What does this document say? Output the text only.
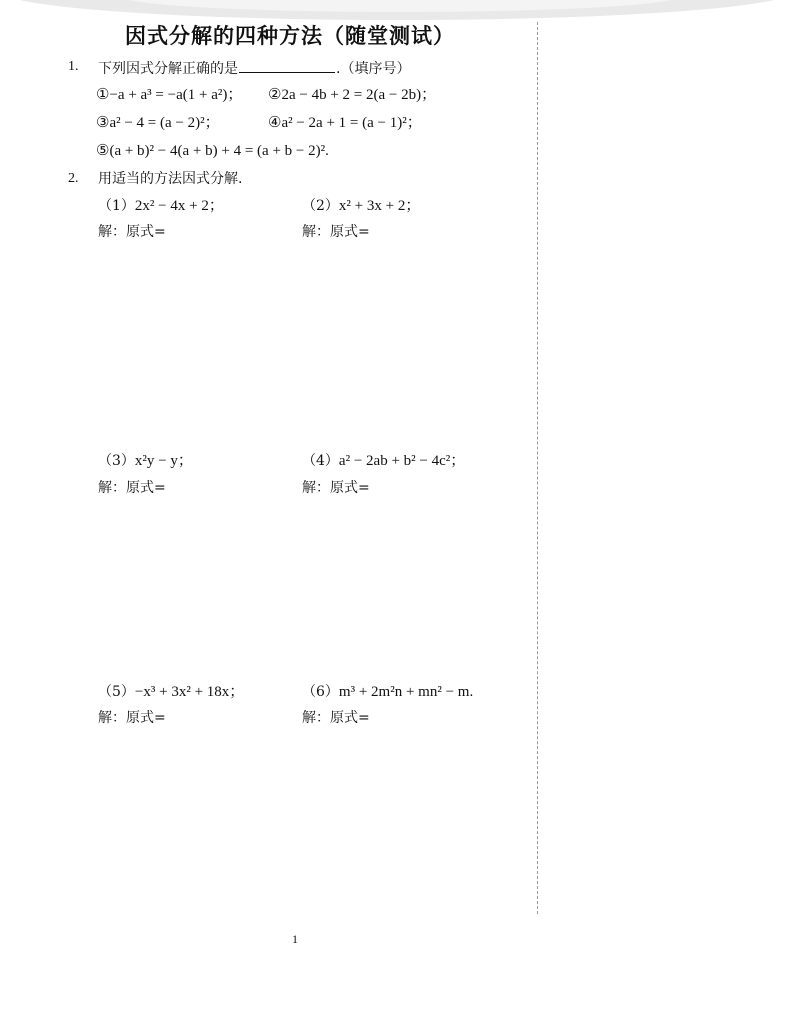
因式分解的四种方法（随堂测试）
1. 下列因式分解正确的是	.（填序号）
①−a + a³ = −a(1 + a²)； ②2a − 4b + 2 = 2(a − 2b)；
③a² − 4 = (a − 2)²；	④a² − 2a + 1 = (a − 1)²；
⑤(a + b)² − 4(a + b) + 4 = (a + b − 2)².
2. 用适当的方法因式分解.
（1）2x² − 4x + 2；
解：原式=
（2）x² + 3x + 2；
解：原式=
（3）x²y − y；
解：原式=
（4）a² − 2ab + b² − 4c²；
解：原式=
（5）−x³ + 3x² + 18x；
解：原式=
（6）m³ + 2m²n + mn² − m.
解：原式=
1
